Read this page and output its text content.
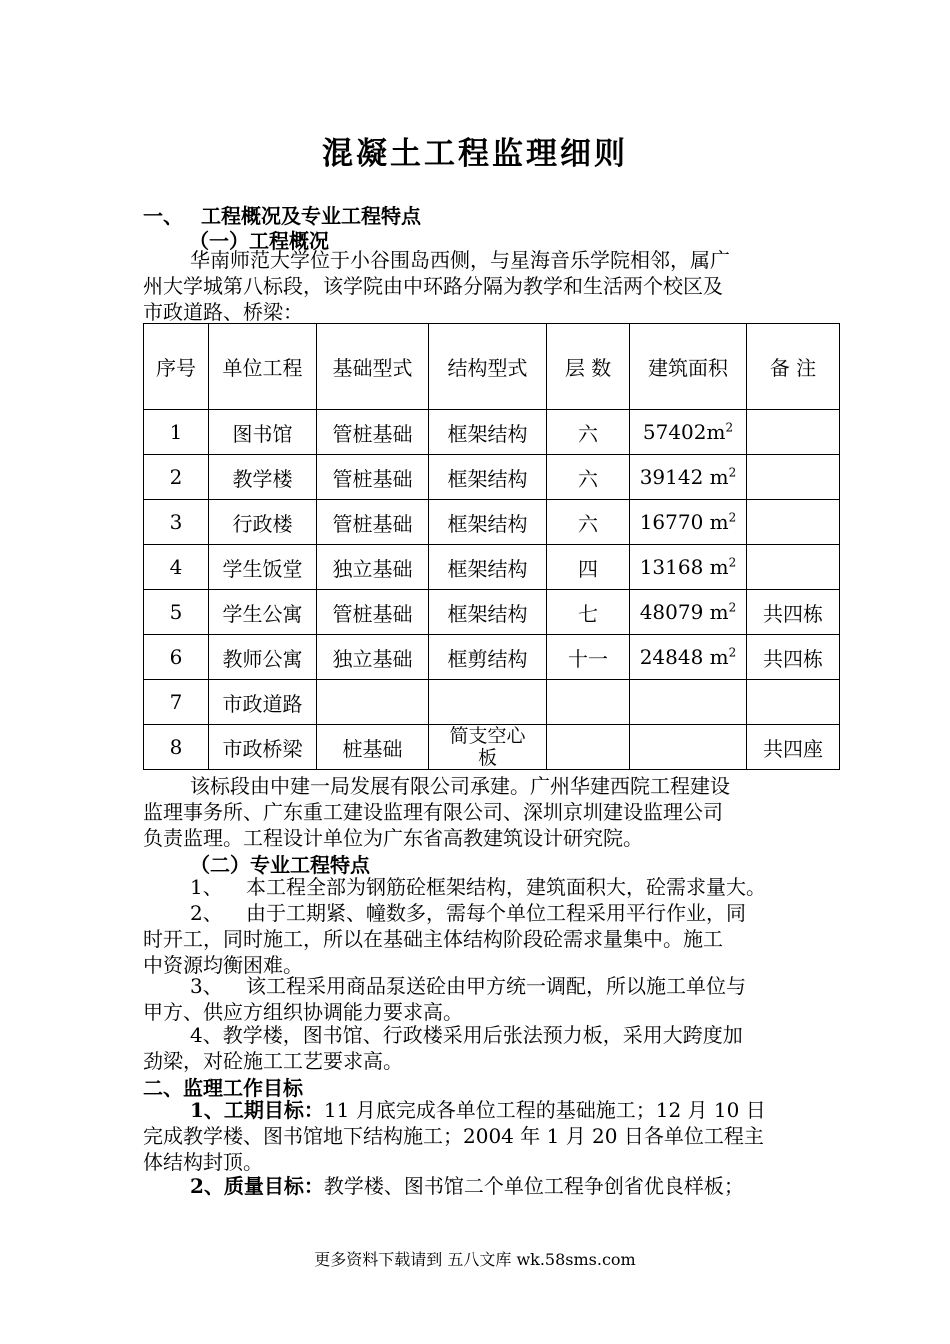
混凝土工程监理细则
一、 工程概况及专业工程特点
（一）工程概况
华南师范大学位于小谷围岛西侧，与星海音乐学院相邻，属广
州大学城第八标段，该学院由中环路分隔为教学和生活两个校区及
市政道路、桥梁：
序号	单位工程	基础型式	结构型式	层 数	建筑面积	备 注
1	图书馆	管桩基础	框架结构	六	$57402m^2$	
2	教学楼	管桩基础	框架结构	六	39142 $m^2$	
3	行政楼	管桩基础	框架结构	六	16770 $m^2$	
4	学生饭堂	独立基础	框架结构	四	13168 $m^2$	
5	学生公寓	管桩基础	框架结构	七	48079 $m^2$	共四栋
6	教师公寓	独立基础	框剪结构	十一	24848 $m^2$	共四栋
7	市政道路					
8	市政桥梁	桩基础	简支空心板			共四座
该标段由中建一局发展有限公司承建。广州华建西院工程建设
监理事务所、广东重工建设监理有限公司、深圳京圳建设监理公司
负责监理。工程设计单位为广东省高教建筑设计研究院。
（二）专业工程特点
1、 本工程全部为钢筋砼框架结构，建筑面积大，砼需求量大。
2、 由于工期紧、幢数多，需每个单位工程采用平行作业，同
时开工，同时施工，所以在基础主体结构阶段砼需求量集中。施工
中资源均衡困难。
3、 该工程采用商品泵送砼由甲方统一调配，所以施工单位与
甲方、供应方组织协调能力要求高。
4、教学楼，图书馆、行政楼采用后张法预力板，采用大跨度加
劲梁，对砼施工工艺要求高。
二、监理工作目标
1、工期目标：11 月底完成各单位工程的基础施工；12 月 10 日
完成教学楼、图书馆地下结构施工；2004 年 1 月 20 日各单位工程主
体结构封顶。
2、质量目标：教学楼、图书馆二个单位工程争创省优良样板；
更多资料下载请到 五八文库 wk.58sms.com
